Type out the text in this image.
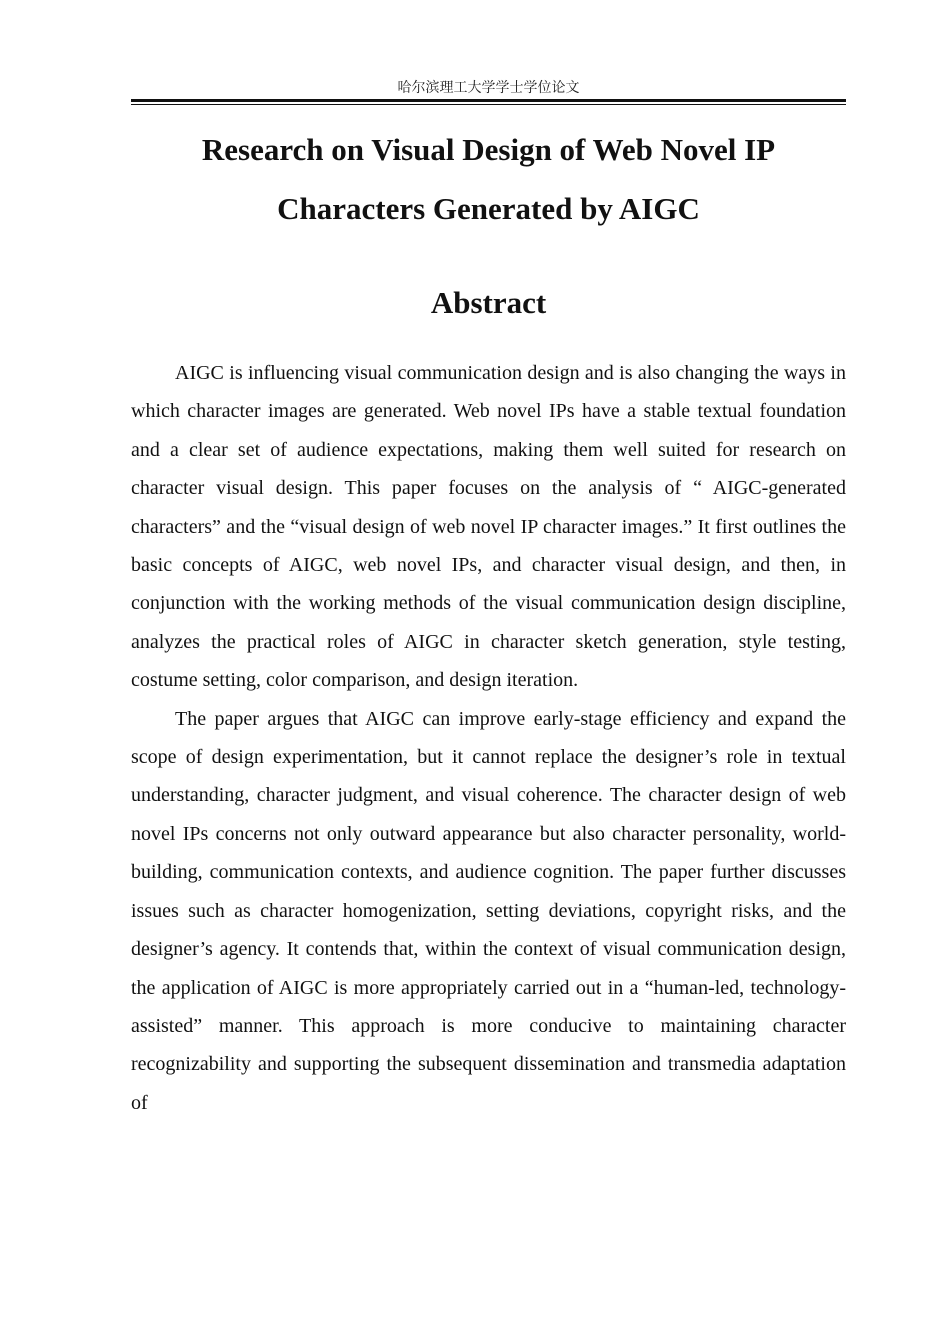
哈尔滨理工大学学士学位论文
Research on Visual Design of Web Novel IP Characters Generated by AIGC
Abstract

AIGC is influencing visual communication design and is also changing the ways in which character images are generated. Web novel IPs have a stable textual foundation and a clear set of audience expectations, making them well suited for research on character visual design. This paper focuses on the analysis of “ AIGC-generated characters” and the “visual design of web novel IP character images.” It first outlines the basic concepts of AIGC, web novel IPs, and character visual design, and then, in conjunction with the working methods of the visual communication design discipline, analyzes the practical roles of AIGC in character sketch generation, style testing, costume setting, color comparison, and design iteration.

The paper argues that AIGC can improve early-stage efficiency and expand the scope of design experimentation, but it cannot replace the designer’s role in textual understanding, character judgment, and visual coherence. The character design of web novel IPs concerns not only outward appearance but also character personality, world-building, communication contexts, and audience cognition. The paper further discusses issues such as character homogenization, setting deviations, copyright risks, and the designer’s agency. It contends that, within the context of visual communication design, the application of AIGC is more appropriately carried out in a “human-led, technology-assisted” manner. This approach is more conducive to maintaining character recognizability and supporting the subsequent dissemination and transmedia adaptation of
